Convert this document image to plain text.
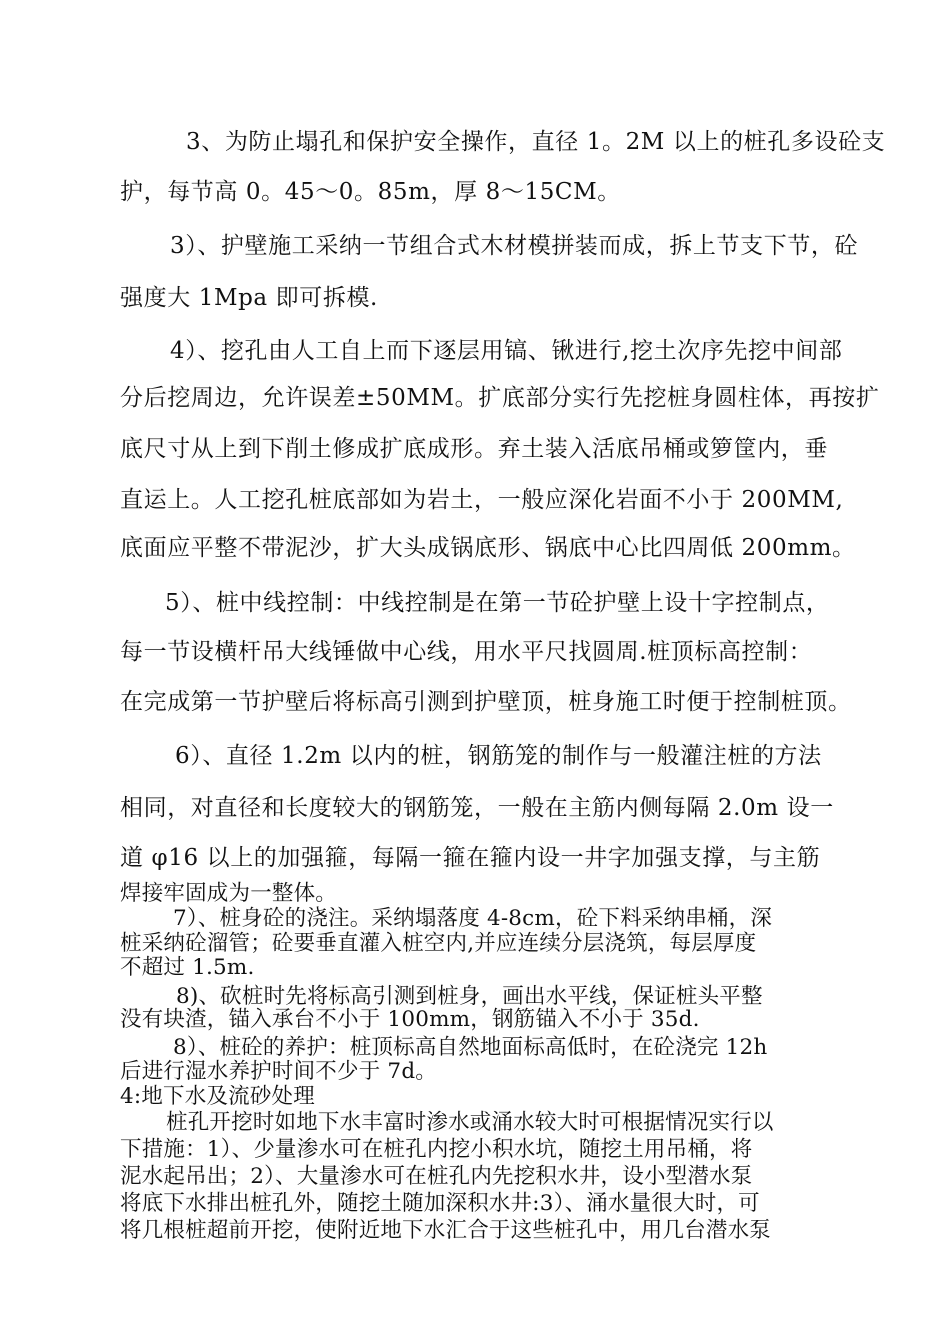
3、为防止塌孔和保护安全操作，直径 1。2M 以上的桩孔多设砼支
护，每节高 0。45～0。85m，厚 8～15CM。
3）、护壁施工采纳一节组合式木材模拼装而成，拆上节支下节，砼
强度大 1Mpa 即可拆模.
4）、挖孔由人工自上而下逐层用镐、锹进行,挖土次序先挖中间部
分后挖周边，允许误差±50MM。扩底部分实行先挖桩身圆柱体，再按扩
底尺寸从上到下削土修成扩底成形。弃土装入活底吊桶或箩筐内，垂
直运上。人工挖孔桩底部如为岩土，一般应深化岩面不小于 200MM,
底面应平整不带泥沙，扩大头成锅底形、锅底中心比四周低 200mm。
5）、桩中线控制：中线控制是在第一节砼护壁上设十字控制点，
每一节设横杆吊大线锤做中心线，用水平尺找圆周.桩顶标高控制：
在完成第一节护壁后将标高引测到护壁顶，桩身施工时便于控制桩顶。
6）、直径 1.2m 以内的桩，钢筋笼的制作与一般灌注桩的方法
相同，对直径和长度较大的钢筋笼，一般在主筋内侧每隔 2.0m 设一
道 φ16 以上的加强箍，每隔一箍在箍内设一井字加强支撑，与主筋
焊接牢固成为一整体。
7）、桩身砼的浇注。采纳塌落度 4-8cm，砼下料采纳串桶，深
桩采纳砼溜管；砼要垂直灌入桩空内,并应连续分层浇筑，每层厚度
不超过 1.5m.
8)、砍桩时先将标高引测到桩身，画出水平线，保证桩头平整
没有块渣，锚入承台不小于 100mm，钢筋锚入不小于 35d.
8）、桩砼的养护：桩顶标高自然地面标高低时，在砼浇完 12h
后进行湿水养护时间不少于 7d。
4:地下水及流砂处理
桩孔开挖时如地下水丰富时渗水或涌水较大时可根据情况实行以
下措施：1）、少量渗水可在桩孔内挖小积水坑，随挖土用吊桶，将
泥水起吊出；2）、大量渗水可在桩孔内先挖积水井，设小型潜水泵
将底下水排出桩孔外，随挖土随加深积水井:3）、涌水量很大时，可
将几根桩超前开挖，使附近地下水汇合于这些桩孔中，用几台潜水泵
